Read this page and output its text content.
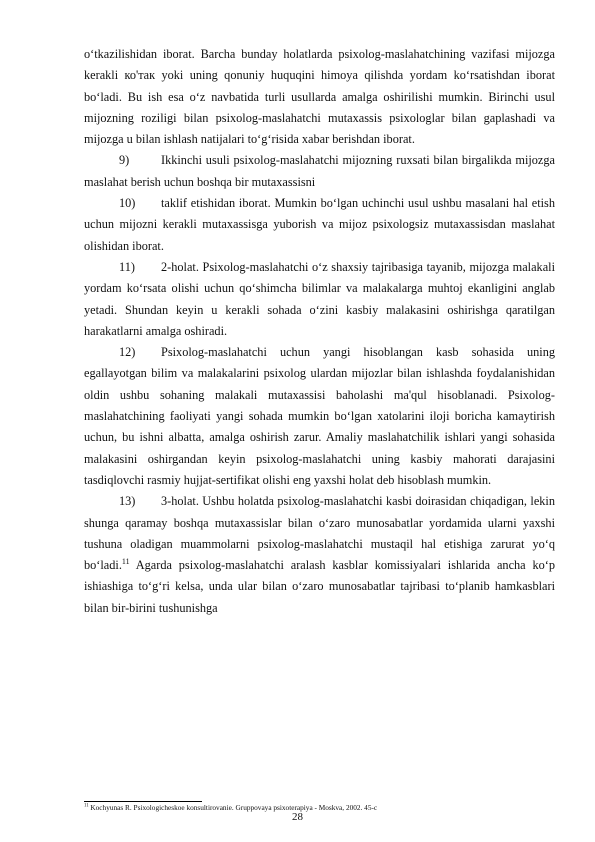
o‘tkazilishidan iborat. Barcha bunday holatlarda psixolog-maslahatchining vazifasi mijozga kerakli ко'тaк yoki uning qonuniy huquqini himoya qilishda yordam ko‘rsatishdan iborat bo‘ladi. Bu ish esa o‘z navbatida turli usullarda amalga oshirilishi mumkin. Birinchi usul mijozning roziligi bilan psixolog-maslahatchi mutaxassis psixologlar bilan gaplashadi va mijozga u bilan ishlash natijalari to‘g‘risida xabar berishdan iborat.

9)	Ikkinchi usuli psixolog-maslahatchi mijozning ruxsati bilan birgalikda mijozga maslahat berish uchun boshqa bir mutaxassisni

10) taklif etishidan iborat. Mumkin bo‘lgan uchinchi usul ushbu masalani hal etish uchun mijozni kerakli mutaxassisga yuborish va mijoz psixologsiz mutaxassisdan maslahat olishidan iborat.

11) 2-holat. Psixolog-maslahatchi o‘z shaxsiy tajribasiga tayanib, mijozga malakali yordam ko‘rsata olishi uchun qo‘shimcha bilimlar va malakalarga muhtoj ekanligini anglab yetadi. Shundan keyin u kerakli sohada o‘zini kasbiy malakasini oshirishga qaratilgan harakatlarni amalga oshiradi.

12) Psixolog-maslahatchi uchun yangi hisoblangan kasb sohasida uning egallayotgan bilim va malakalarini psixolog ulardan mijozlar bilan ishlashda foydalanishidan oldin ushbu sohaning malakali mutaxassisi baholashi ma'qul hisoblanadi. Psixolog-maslahatchining faoliyati yangi sohada mumkin bo‘lgan xatolarini iloji boricha kamaytirish uchun, bu ishni albatta, amalga oshirish zarur. Amaliy maslahatchilik ishlari yangi sohasida malakasini oshirgandan keyin psixolog-maslahatchi uning kasbiy mahorati darajasini tasdiqlovchi rasmiy hujjat-sertifikat olishi eng yaxshi holat deb hisoblash mumkin.

13) 3-holat. Ushbu holatda psixolog-maslahatchi kasbi doirasidan chiqadigan, lekin shunga qaramay boshqa mutaxassislar bilan o‘zaro munosabatlar yordamida ularni yaxshi tushuna oladigan muammolarni psixolog-maslahatchi mustaqil hal etishiga zarurat yo‘q bo‘ladi.$^{11}$ Agarda psixolog-maslahatchi aralash kasblar komissiyalari ishlarida ancha ko‘p ishiashiga to‘g‘ri kelsa, unda ular bilan o‘zaro munosabatlar tajribasi to‘planib hamkasblari bilan bir-birini tushunishga

$^{11}$ Kochyunas R. Psixologicheskoe konsultirovanie. Gruppovaya psixoterapiya - Moskva, 2002. 45-c
28
